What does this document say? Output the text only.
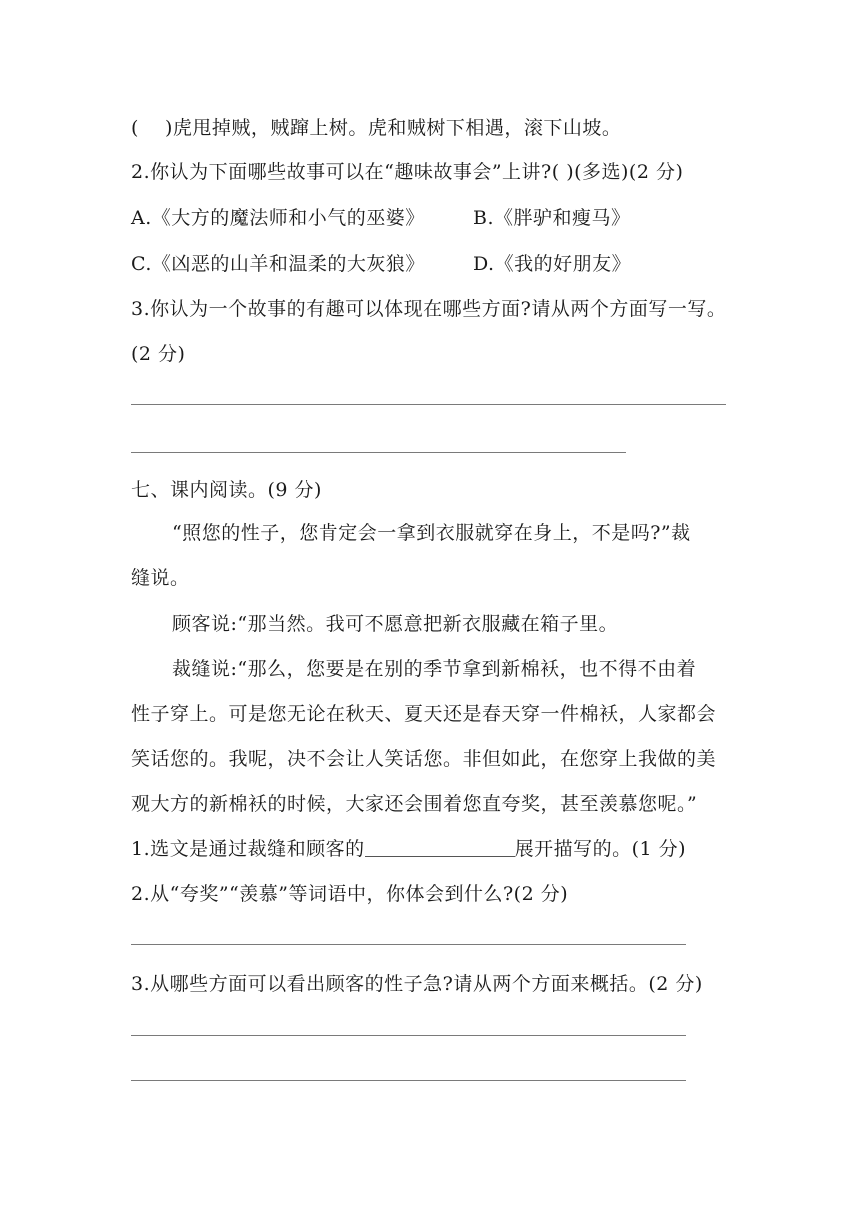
(　 )虎甩掉贼，贼蹿上树。虎和贼树下相遇，滚下山坡。
2.你认为下面哪些故事可以在“趣味故事会”上讲?( )(多选)(2 分)
A.《大方的魔法师和小气的巫婆》	B.《胖驴和瘦马》
C.《凶恶的山羊和温柔的大灰狼》	D.《我的好朋友》
3.你认为一个故事的有趣可以体现在哪些方面?请从两个方面写一写。
(2 分)
七、课内阅读。(9 分)
“照您的性子，您肯定会一拿到衣服就穿在身上，不是吗?”裁
缝说。
顾客说:“那当然。我可不愿意把新衣服藏在箱子里。
裁缝说:“那么，您要是在别的季节拿到新棉袄，也不得不由着
性子穿上。可是您无论在秋天、夏天还是春天穿一件棉袄，人家都会
笑话您的。我呢，决不会让人笑话您。非但如此，在您穿上我做的美
观大方的新棉袄的时候，大家还会围着您直夸奖，甚至羡慕您呢。”
1.选文是通过裁缝和顾客的	展开描写的。(1 分)
2.从“夸奖”“羡慕”等词语中，你体会到什么?(2 分)
3.从哪些方面可以看出顾客的性子急?请从两个方面来概括。(2 分)
